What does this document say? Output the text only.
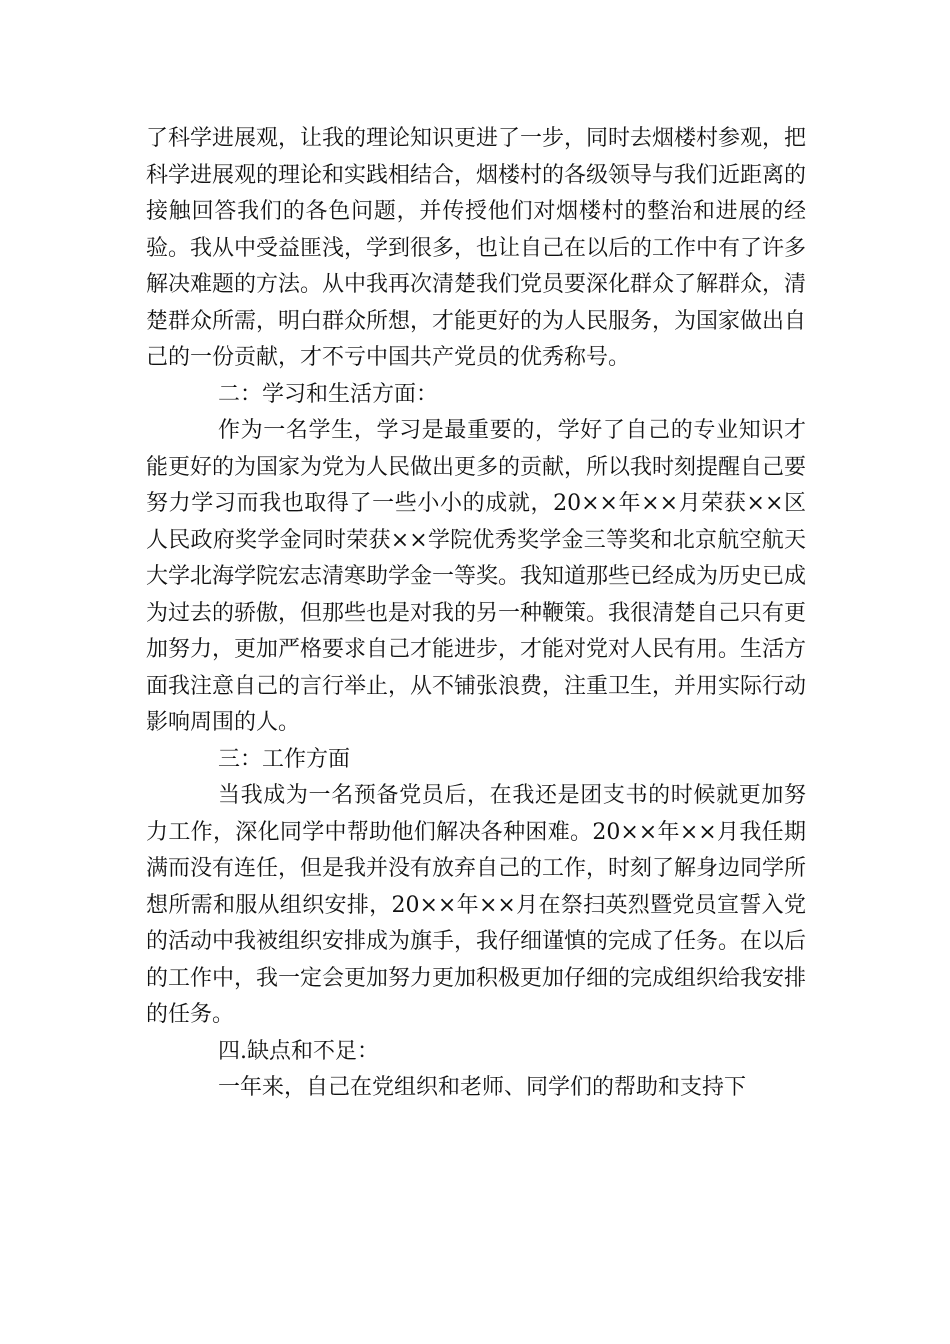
了科学进展观，让我的理论知识更进了一步，同时去烟楼村参观，把科学进展观的理论和实践相结合，烟楼村的各级领导与我们近距离的接触回答我们的各色问题，并传授他们对烟楼村的整治和进展的经验。我从中受益匪浅，学到很多，也让自己在以后的工作中有了许多解决难题的方法。从中我再次清楚我们党员要深化群众了解群众，清楚群众所需，明白群众所想，才能更好的为人民服务，为国家做出自己的一份贡献，才不亏中国共产党员的优秀称号。

二：学习和生活方面：

作为一名学生，学习是最重要的，学好了自己的专业知识才能更好的为国家为党为人民做出更多的贡献，所以我时刻提醒自己要努力学习而我也取得了一些小小的成就，20××年××月荣获××区人民政府奖学金同时荣获××学院优秀奖学金三等奖和北京航空航天大学北海学院宏志清寒助学金一等奖。我知道那些已经成为历史已成为过去的骄傲，但那些也是对我的另一种鞭策。我很清楚自己只有更加努力，更加严格要求自己才能进步，才能对党对人民有用。生活方面我注意自己的言行举止，从不铺张浪费，注重卫生，并用实际行动影响周围的人。

三：工作方面

当我成为一名预备党员后，在我还是团支书的时候就更加努力工作，深化同学中帮助他们解决各种困难。20××年××月我任期满而没有连任，但是我并没有放弃自己的工作，时刻了解身边同学所想所需和服从组织安排，20××年××月在祭扫英烈暨党员宣誓入党的活动中我被组织安排成为旗手，我仔细谨慎的完成了任务。在以后的工作中，我一定会更加努力更加积极更加仔细的完成组织给我安排的任务。

四.缺点和不足：

一年来，自己在党组织和老师、同学们的帮助和支持下
